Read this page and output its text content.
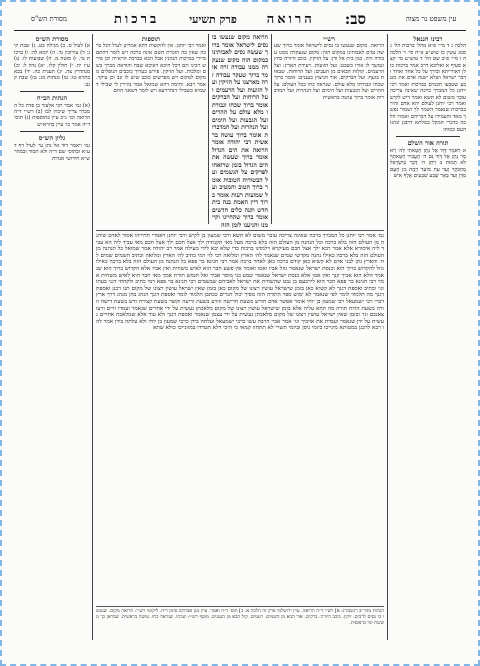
עין משפט נר מצוה
סב:
הרואה
פרק תשיעי
ברכות
מסורת הש"ס
רבינו חננאל
הלכה ג ד מיי׳ פ״א מהל׳ ברכות הל׳ ג סמג עשין כז טוש״ע א״ח סי׳ ר הלכה ה ו מיי׳ פ״ב שם הל׳ ד טוש״ע סי׳ קצא סעיף א ואליבא דרב אמר ברכות כולן דאורייתא ובירך על כל אחד ואחד ודבר ישראל ושלא ישנה אדם את מטבע שטבעו חכמים בברכות ואמר רבי יוחנן כל המברך ברכה שאינה צריכה עובר משום לא תשא ואמר ריש לקיש ואמר רבי יוחנן לעולם יהא אדם זהיר בברכות שנאמר השמר לך ושמור נפשך מאד והעמידו על דבריהם ואמרו הלכה כדברי המקל במלתא דרבנן ונהגו העם כמותו
תורה אור השלם
א וַיֹּאמֶר דָּוִד אֶל נָתָן חָטָאתִי לַה׳ וַיֹּאמֶר נָתָן אֶל דָּוִד גַּם ה׳ הֶעֱבִיר חַטָּאתְךָ לֹא תָמוּת ב וַיִּתֵּן ה׳ דֶּבֶר בְּיִשְׂרָאֵל מֵהַבֹּקֶר וְעַד עֵת מוֹעֵד וַיָּמָת מִן הָעָם מִדָּן וְעַד בְּאֵר שֶׁבַע שִׁבְעִים אֶלֶף אִישׁ
מסורת הש״ס
א) לעיל ס. ב) מגילה כט. ג) שבת קיג: ד) עירובין נד. ה) יומא לה: ו) ברכות נד. ז) סוטה מ. ח) שבועות לו. ט) ע״ז יח. י) חולין קלז. יא) נדה ל: יב) סנהדרין צה. יג) תענית כה. יד) בבא בתרא טז: טו) מנחות מג: טז) שבת קנב:
הגהות הב״ח
(א) גמ׳ אמר רבי אלעזר בן פדת כל המברך צריך שיכוין לבו (ב) רש״י ד״ה הרואה וכו׳ נ״ב עיין בתוספות (ג) תוס׳ ד״ה אמר כו׳ עיין בהרא״ש
גליון הש״ס
גמ׳ ויאמר דוד אל נתן עי׳ לעיל דף ד ע״א ובתוס׳ שם ד״ה ולא תסור ובמהרש״א חידושי אגדות
רש״י
הרואה. מקום שנעשו בו נסים לישראל אומר ברוך שעשה נסים לאבותינו במקום הזה: מקום שנעקרה ממנו עבודה זרה. כגון בית אל ודן: על הזיקין. כוכב היורה כחץ ונמשך לו אורו כשבט: ועל הזועות. רעידת הארץ: ועל הרעמים. קולות הבאים מן העבים: ועל הרוחות. שבאות בזעף: ועל הברקים. אור הניצוץ בעננים: אומר ברוך שכחו וגבורתו מלא עולם. שנראה כחו בכל העולם: על ההרים ועל הגבעות ועל הימים ועל הנהרות ועל המדברות אומר ברוך עושה בראשית
הרואה מקום שנעשו בו נסים לישראל אומר ברוך שעשה נסים לאבותינו במקום הזה מקום שנעקרה ממנו עבודה זרה אומר ברוך שעקר עבודה זרה מארצנו על הזיקין ועל הזועות ועל הרעמים ועל הרוחות ועל הברקים אומר ברוך שכחו וגבורתו מלא עולם על ההרים ועל הגבעות ועל הימים ועל הנהרות ועל המדברות אומר ברוך עושה בראשית רבי יהודה אומר הרואה את הים הגדול אומר ברוך שעשה את הים הגדול בזמן שרואהו לפרקים על הגשמים ועל הבשורות הטובות אומר ברוך הטוב והמטיב ועל שמועות רעות אומר ברוך דיין האמת בנה בית חדש וקנה כלים חדשים אומר ברוך שהחיינו וקיימנו והגיענו לזמן הזה
תוספות
ואמר רבי יוחנן. אין להקשות דהא אמרינן לעיל דכל ברכה שאין בה הזכרת השם אינה ברכה ויש לומר דהתם מיירי בברכות הנהנין אבל הכא בברכת הראייה וכן פירש רבינו תם דכל היכא דאיכא שבח והודאה מברך בשם ומלכות. ועל הזיקין. פירש בערוך כוכבים הנופלים ממקום למקום ויש מפרשים כוכב שיש לו זנב וכן עיקר. אמר רבא. ותימה דהא שמואל אמר נהירין לי שבילי דשמיא כשבילי דנהרדעא ויש לומר דשאני התם
גמ׳ אמר רבי יוחנן כל המברך ברכה שאינה צריכה עובר משום לא תשא ורבי שמעון בן לקיש ורבי יוחנן דאמרי תרוייהו אסור לאדם שיהנה מן העולם הזה בלא ברכה וכל הנהנה מן העולם הזה בלא ברכה מעל מאי תקנתיה ילך אצל חכם ילך אצל חכם מאי עביד ליה הא עביד ליה איסורא אלא אמר רבא ילך אצל חכם מעיקרא וילמדנו ברכות כדי שלא יבא לידי מעילה אמר רב יהודה אמר שמואל כל הנהנה מן העולם הזה בלא ברכה כאילו נהנה מקדשי שמים שנאמר לה׳ הארץ ומלואה רבי לוי רמי כתיב לה׳ הארץ ומלואה וכתיב השמים שמים לה׳ והארץ נתן לבני אדם לא קשיא כאן קודם ברכה כאן לאחר ברכה אמר רבי חנינא בר פפא כל הנהנה מן העולם הזה בלא ברכה כאילו גוזל להקדוש ברוך הוא וכנסת ישראל שנאמר גוזל אביו ואמו ואומר אין פשע חבר הוא לאיש משחית ואין אביו אלא הקדוש ברוך הוא שנאמר הלא הוא אביך קנך ואין אמו אלא כנסת ישראל שנאמר שמע בני מוסר אביך ואל תטוש תורת אמך מאי חבר הוא לאיש משחית אמר רבי חנינא בר פפא חבר הוא לירבעם בן נבט שהשחית את ישראל לאביהם שבשמים רבי חנינא בר פפא רמי כתיב ולקחתי דגני בעתו וגו׳ וכתיב ואספת דגנך לא קשיא כאן בזמן שישראל עושין רצונו של מקום כאן בזמן שאין ישראל עושין רצונו של מקום תנו רבנן ואספת דגנך מה תלמוד לומר לפי שנאמר לא ימוש ספר התורה הזה מפיך יכול דברים ככתבן תלמוד לומר ואספת דגנך הנהג בהן מנהג דרך ארץ דברי רבי ישמעאל רבי שמעון בן יוחי אומר אפשר אדם חורש בשעת חרישה וזורע בשעת זריעה וקוצר בשעת קצירה ודש בשעת דישה וזורה בשעת הרוח תורה מה תהא עליה אלא בזמן שישראל עושין רצונו של מקום מלאכתן נעשית על ידי אחרים שנאמר ועמדו זרים ורעו צאנכם וגו׳ ובזמן שאין ישראל עושין רצונו של מקום מלאכתן נעשית על ידי עצמן שנאמר ואספת דגנך ולא עוד אלא שמלאכת אחרים נעשית על ידן שנאמר ועבדת את אויביך וגו׳ אמר אביי הרבה עשו כרבי ישמעאל ועלתה בידן כרבי שמעון בן יוחי ולא עלתה בידן אמר להו רבא לרבנן במטותא מינייכו ביומי ניסן וביומי תשרי לא תתחזו קמאי כי היכי דלא תטרדו במזונייכו כולא שתא
הגהות מהר״ב רנשבורג: א] רש״י ד״ה הרואה. עיין ירושלמי פרק זה הלכה א. ב] תוס׳ ד״ה ואמר. עיין מגן אברהם סימן ריח. ליקוטי רש״י: הרואה מקום. שנעשו בו נסים לרבים. זיקין. כוכב היורה. ברקים. אור הבא מן השמים. רעמים. קול הבא מן העננים. מוסף רש״י: שכחו. שנראה כחו. עושה בראשית. שבראן כך מששת ימי בראשית.
